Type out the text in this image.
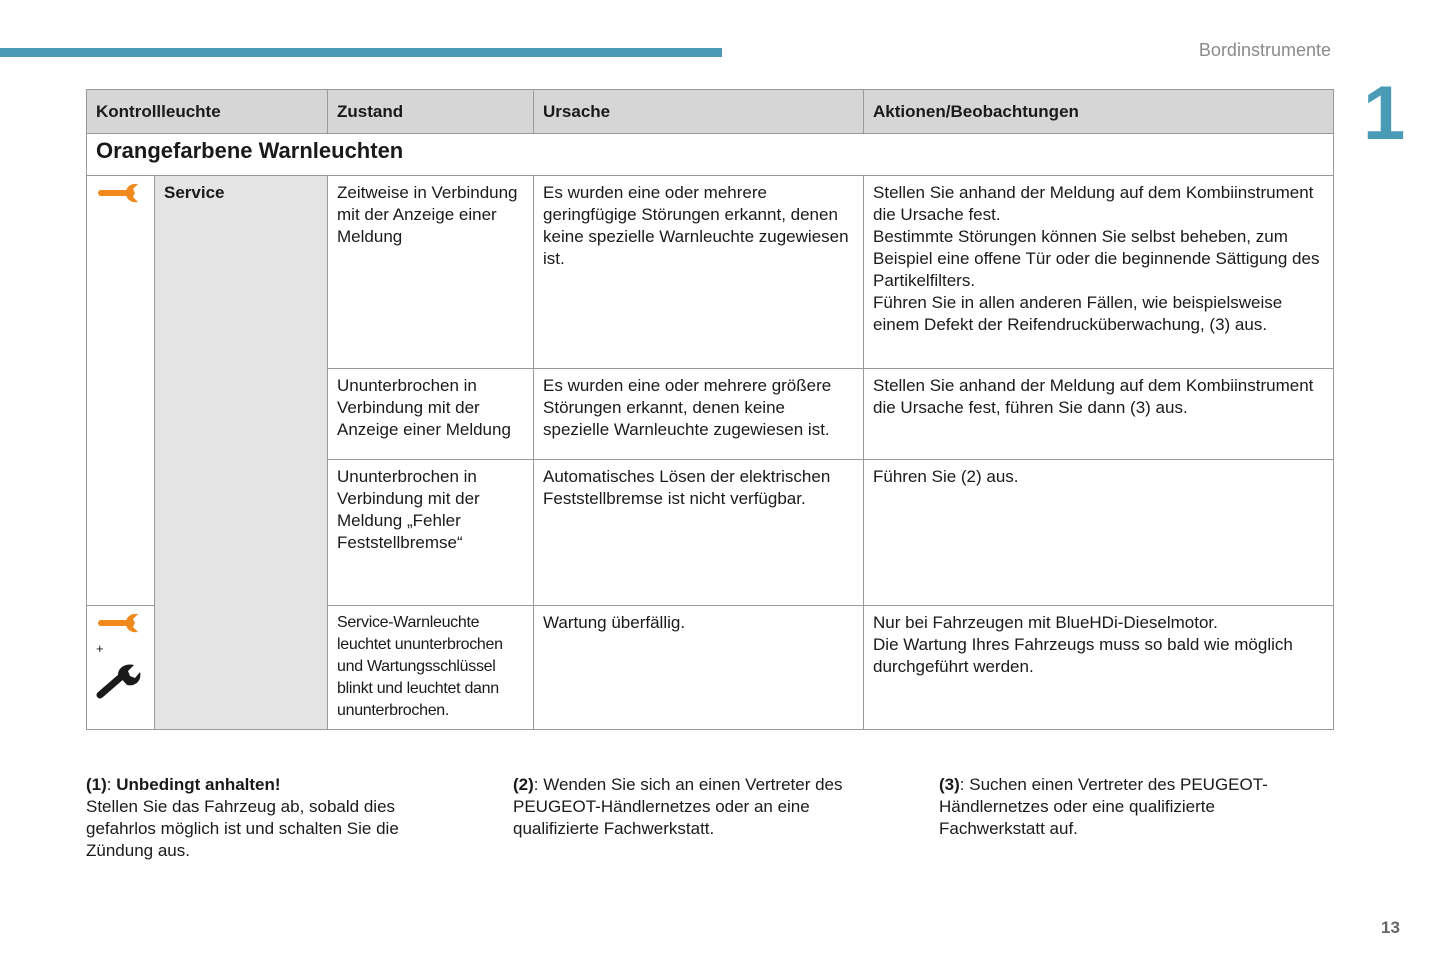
Bordinstrumente
1
Kontrollleuchte		Zustand	Ursache	Aktionen/Beobachtungen
Orangefarbene Warnleuchten				
	Service	Zeitweise in Verbindung mit der Anzeige einer Meldung	Es wurden eine oder mehrere geringfügige Störungen erkannt, denen keine spezielle Warnleuchte zugewiesen ist.	Stellen Sie anhand der Meldung auf dem Kombiinstrument die Ursache fest.
Bestimmte Störungen können Sie selbst beheben, zum Beispiel eine offene Tür oder die beginnende Sättigung des Partikelfilters.
Führen Sie in allen anderen Fällen, wie beispielsweise einem Defekt der Reifendrucküberwachung, (3) aus.
		Ununterbrochen in Verbindung mit der Anzeige einer Meldung	Es wurden eine oder mehrere größere Störungen erkannt, denen keine spezielle Warnleuchte zugewiesen ist.	Stellen Sie anhand der Meldung auf dem Kombiinstrument die Ursache fest, führen Sie dann (3) aus.
		Ununterbrochen in Verbindung mit der Meldung „Fehler Feststellbremse“	Automatisches Lösen der elektrischen Feststellbremse ist nicht verfügbar.	Führen Sie (2) aus.

+		Service-Warnleuchte leuchtet ununterbrochen und Wartungsschlüssel blinkt und leuchtet dann ununterbrochen.	Wartung überfällig.	Nur bei Fahrzeugen mit BlueHDi-Dieselmotor.
Die Wartung Ihres Fahrzeugs muss so bald wie möglich durchgeführt werden.
(1): Unbedingt anhalten!
Stellen Sie das Fahrzeug ab, sobald dies gefahrlos möglich ist und schalten Sie die Zündung aus.
(2): Wenden Sie sich an einen Vertreter des PEUGEOT-Händlernetzes oder an eine qualifizierte Fachwerkstatt.
(3): Suchen einen Vertreter des PEUGEOT-Händlernetzes oder eine qualifizierte Fachwerkstatt auf.
13
